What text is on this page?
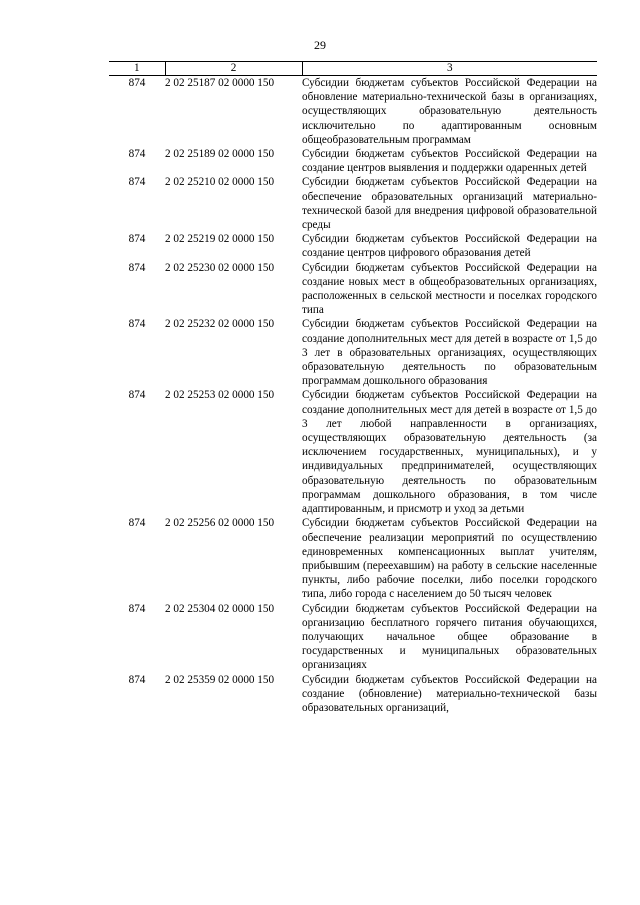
29
1	2	3
874	2 02 25187 02 0000 150	Субсидии бюджетам субъектов Российской Федерации на обновление материально-технической базы в организациях, осуществляющих образовательную деятельность исключительно по адаптированным основным общеобразовательным программам
874	2 02 25189 02 0000 150	Субсидии бюджетам субъектов Российской Федерации на создание центров выявления и поддержки одаренных детей
874	2 02 25210 02 0000 150	Субсидии бюджетам субъектов Российской Федерации на обеспечение образовательных организаций материально-технической базой для внедрения цифровой образовательной среды
874	2 02 25219 02 0000 150	Субсидии бюджетам субъектов Российской Федерации на создание центров цифрового образования детей
874	2 02 25230 02 0000 150	Субсидии бюджетам субъектов Российской Федерации на создание новых мест в общеобразовательных организациях, расположенных в сельской местности и поселках городского типа
874	2 02 25232 02 0000 150	Субсидии бюджетам субъектов Российской Федерации на создание дополнительных мест для детей в возрасте от 1,5 до 3 лет в образовательных организациях, осуществляющих образовательную деятельность по образовательным программам дошкольного образования
874	2 02 25253 02 0000 150	Субсидии бюджетам субъектов Российской Федерации на создание дополнительных мест для детей в возрасте от 1,5 до 3 лет любой направленности в организациях, осуществляющих образовательную деятельность (за исключением государственных, муниципальных), и у индивидуальных предпринимателей, осуществляющих образовательную деятельность по образовательным программам дошкольного образования, в том числе адаптированным, и присмотр и уход за детьми
874	2 02 25256 02 0000 150	Субсидии бюджетам субъектов Российской Федерации на обеспечение реализации мероприятий по осуществлению единовременных компенсационных выплат учителям, прибывшим (переехавшим) на работу в сельские населенные пункты, либо рабочие поселки, либо поселки городского типа, либо города с населением до 50 тысяч человек
874	2 02 25304 02 0000 150	Субсидии бюджетам субъектов Российской Федерации на организацию бесплатного горячего питания обучающихся, получающих начальное общее образование в государственных и муниципальных образовательных организациях
874	2 02 25359 02 0000 150	Субсидии бюджетам субъектов Российской Федерации на создание (обновление) материально-технической базы образовательных организаций,
